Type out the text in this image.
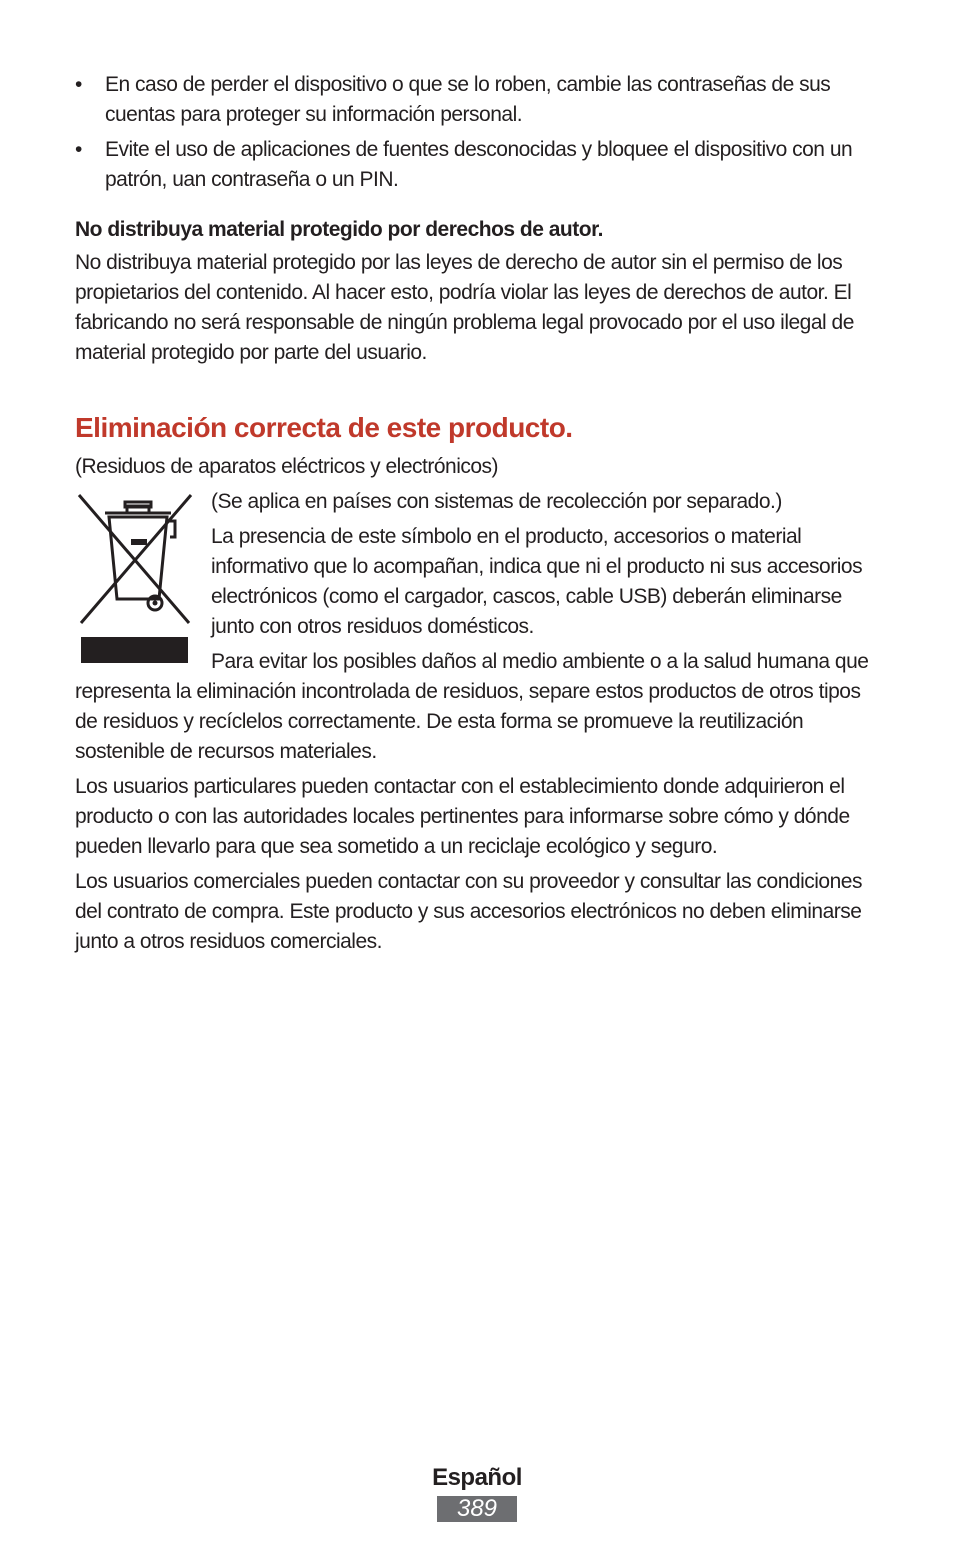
•	En caso de perder el dispositivo o que se lo roben, cambie las contraseñas de sus cuentas para proteger su información personal.
•	Evite el uso de aplicaciones de fuentes desconocidas y bloquee el dispositivo con un patrón, uan contraseña o un PIN.
No distribuya material protegido por derechos de autor.

No distribuya material protegido por las leyes de derecho de autor sin el permiso de los propietarios del contenido. Al hacer esto, podría violar las leyes de derechos de autor. El fabricando no será responsable de ningún problema legal provocado por el uso ilegal de material protegido por parte del usuario.

Eliminación correcta de este producto.

(Residuos de aparatos eléctricos y electrónicos)

(Se aplica en países con sistemas de recolección por separado.)

La presencia de este símbolo en el producto, accesorios o material informativo que lo acompañan, indica que ni el producto ni sus accesorios electrónicos (como el cargador, cascos, cable USB) deberán eliminarse junto con otros residuos domésticos.

Para evitar los posibles daños al medio ambiente o a la salud humana que representa la eliminación incontrolada de residuos, separe estos productos de otros tipos de residuos y recíclelos correctamente. De esta forma se promueve la reutilización sostenible de recursos materiales.

Los usuarios particulares pueden contactar con el establecimiento donde adquirieron el producto o con las autoridades locales pertinentes para informarse sobre cómo y dónde pueden llevarlo para que sea sometido a un reciclaje ecológico y seguro.

Los usuarios comerciales pueden contactar con su proveedor y consultar las condiciones del contrato de compra. Este producto y sus accesorios electrónicos no deben eliminarse junto a otros residuos comerciales.

Español
389
